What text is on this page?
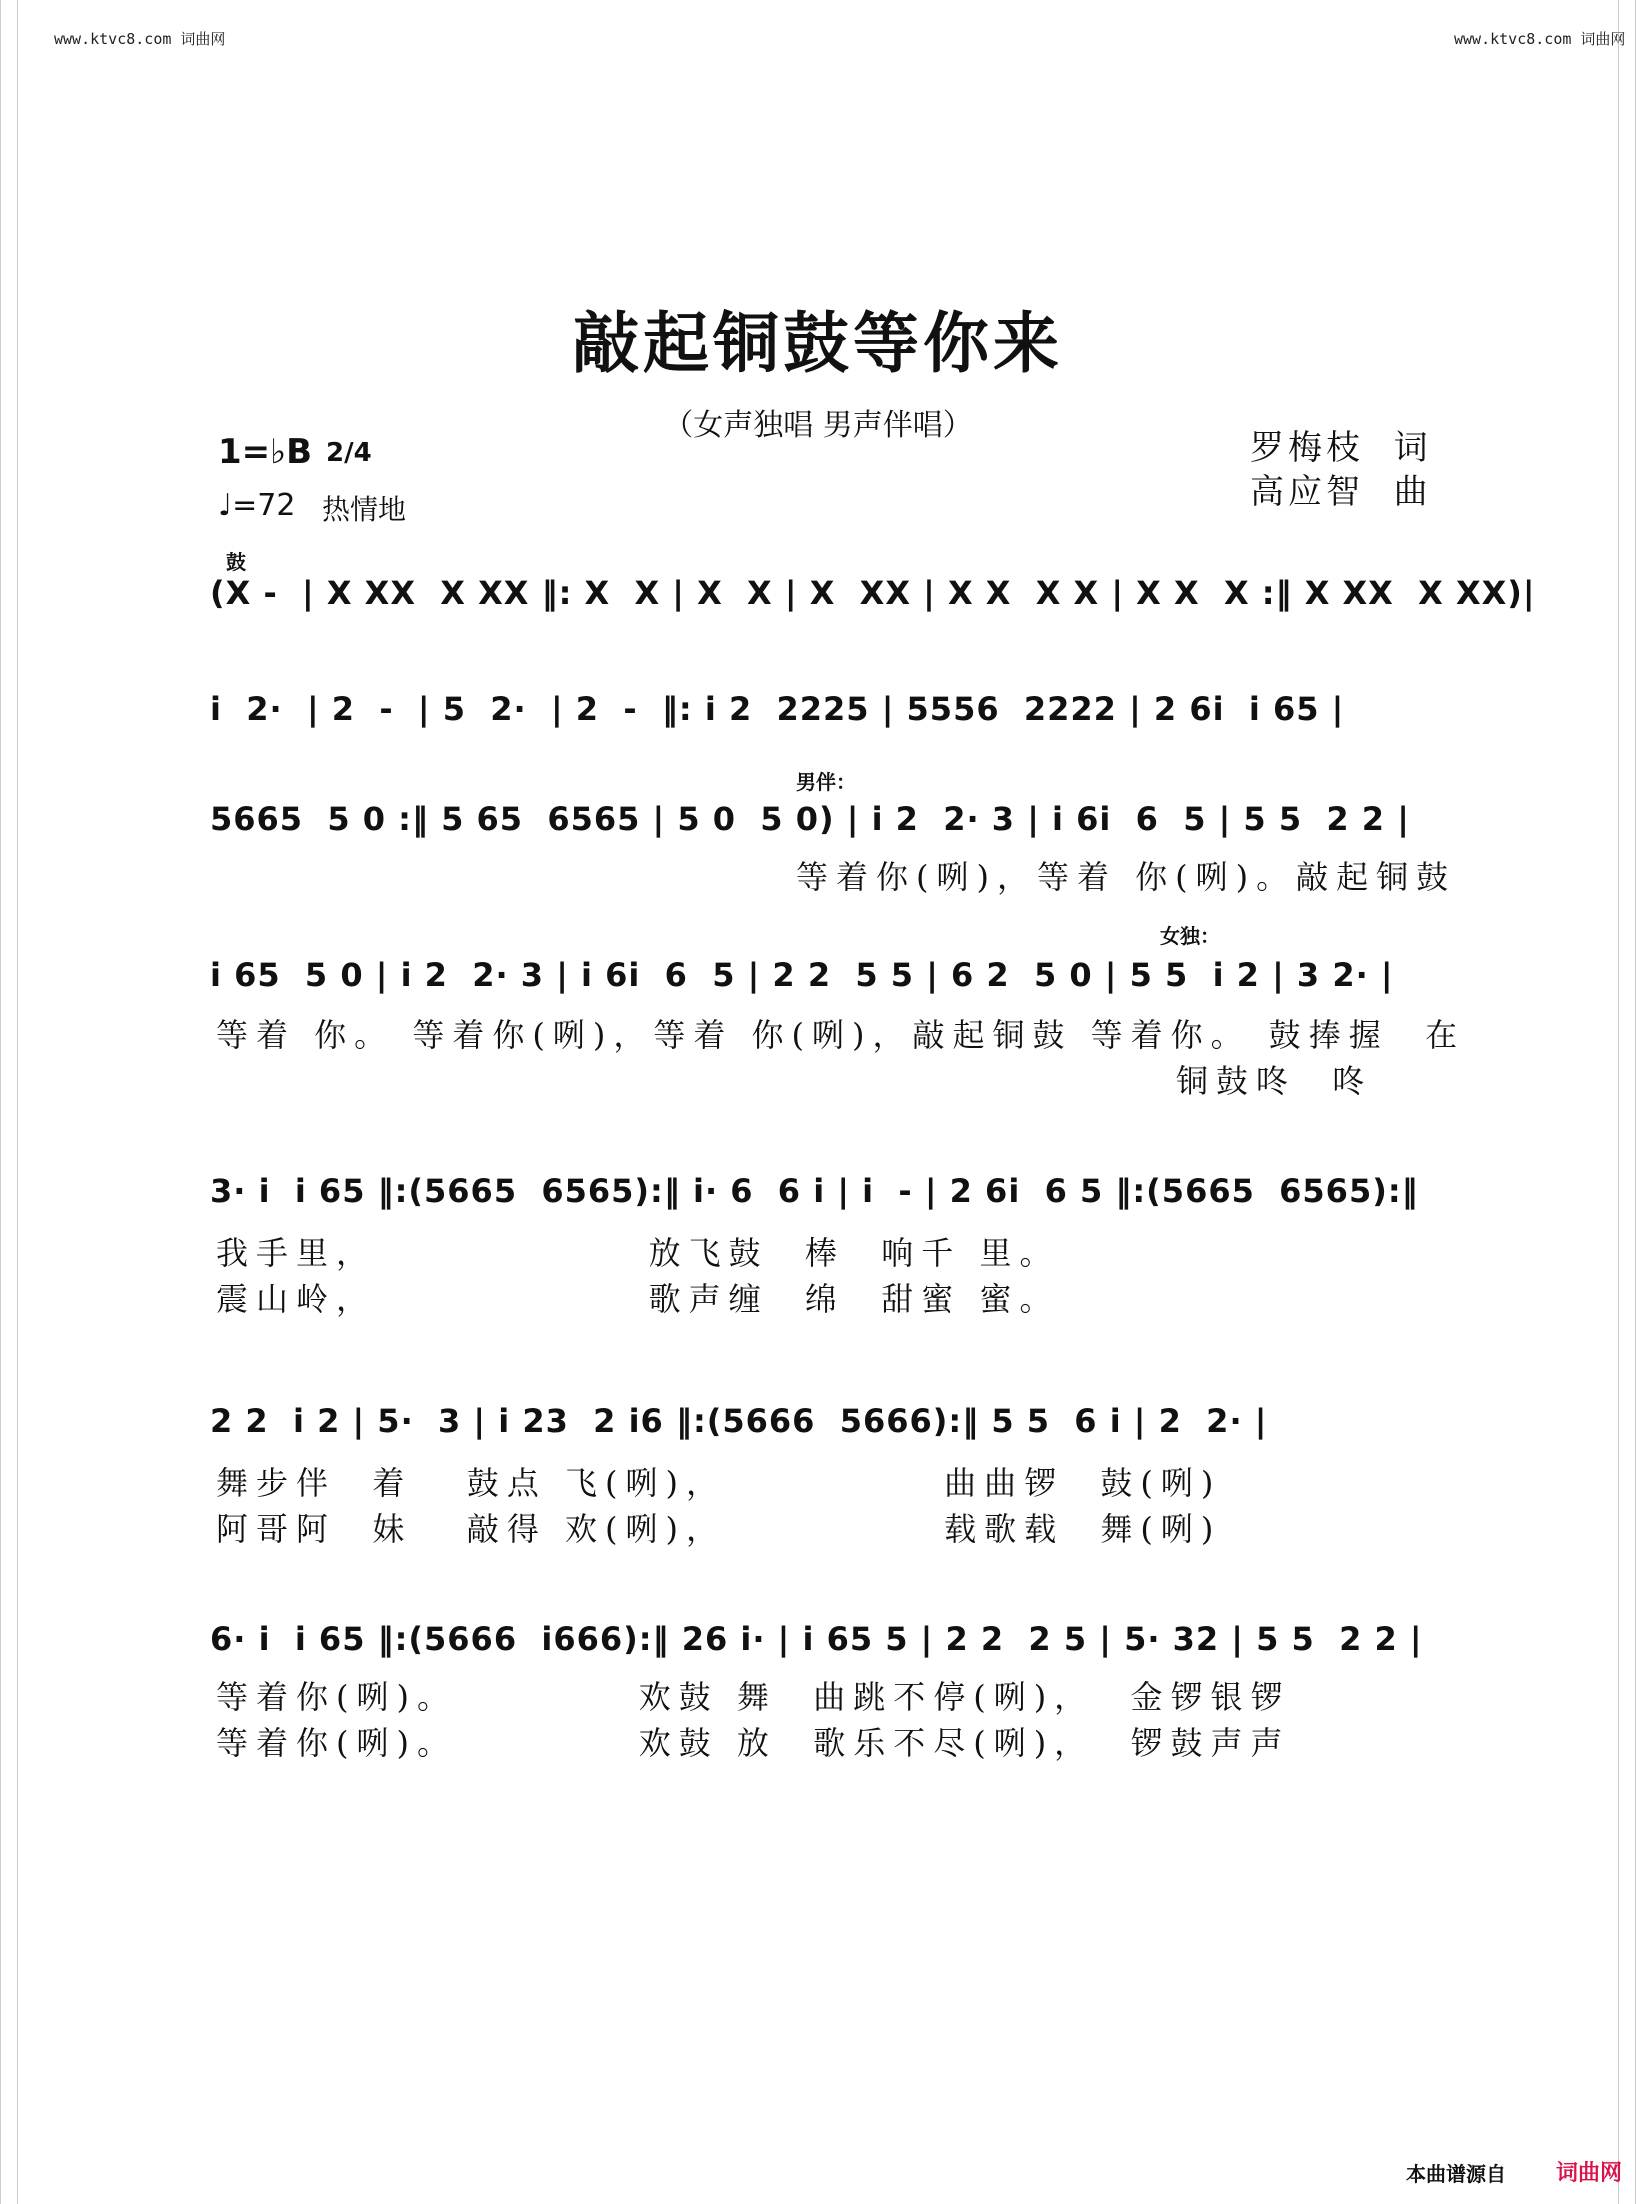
www.ktvc8.com 词曲网	www.ktvc8.com 词曲网
敲起铜鼓等你来
（女声独唱 男声伴唱）
罗梅枝  词
高应智  曲
1=♭B 2/4
♩=72 热情地
鼓
男伴：
女独：
(X -  | X XX  X XX ‖: X  X | X  X | X  XX | X X  X X | X X  X :‖ X XX  X XX)|
i  2·  | 2  -  | 5  2·  | 2  -  ‖: i 2  2225 | 5556  2222 | 2 6i  i 65 |
5665  5 0 :‖ 5 65  6565 | 5 0  5 0) | i 2  2· 3 | i 6i  6  5 | 5 5  2 2 |
等着你(咧)，等着 你(咧)。敲起铜鼓
i 65  5 0 | i 2  2· 3 | i 6i  6  5 | 2 2  5 5 | 6 2  5 0 | 5 5  i 2 | 3 2· |
等着 你。 等着你(咧)，等着 你(咧)，敲起铜鼓 等着你。 鼓捧握  在
铜鼓咚  咚
3· i  i 65 ‖:(5665  6565):‖ i· 6  6 i | i  - | 2 6i  6 5 ‖:(5665  6565):‖
我手里，               放飞鼓  棒  响千 里。
震山岭，               歌声缠  绵  甜蜜 蜜。
2 2  i 2 | 5·  3 | i 23  2 i6 ‖:(5666  5666):‖ 5 5  6 i | 2  2· |
舞步伴  着   鼓点 飞(咧)，            曲曲锣  鼓(咧)
阿哥阿  妹   敲得 欢(咧)，            载歌载  舞(咧)
6· i  i 65 ‖:(5666  i666):‖ 26 i· | i 65 5 | 2 2  2 5 | 5· 32 | 5 5  2 2 |
等着你(咧)。          欢鼓 舞  曲跳不停(咧)，  金锣银锣
等着你(咧)。          欢鼓 放  歌乐不尽(咧)，  锣鼓声声
本曲谱源自 词曲网
